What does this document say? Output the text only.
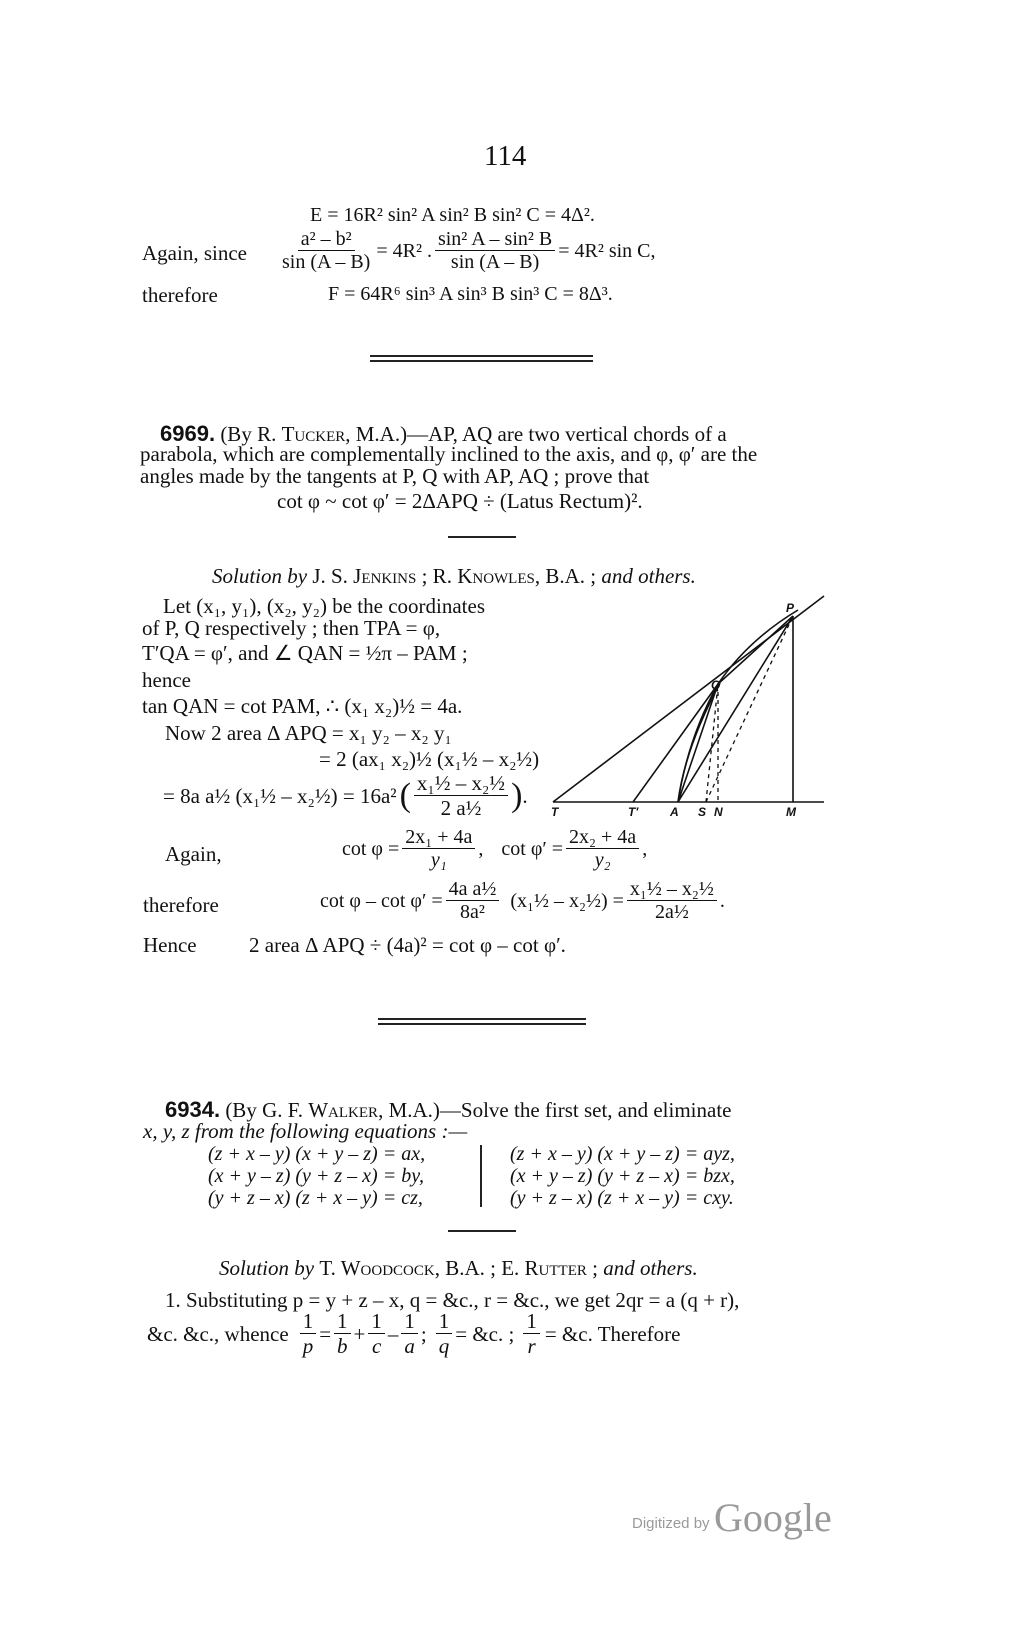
114
E = 16R² sin² A sin² B sin² C = 4Δ².
Again, since $\frac{\text{a² – b²}}{\sin (A - B)} = 4R^2$ . $\frac{\text{sin² A – sin² B}}{\sin (A - B)} = 4R^2$ sin C,
therefore	F = 64R⁶ sin³ A sin³ B sin³ C = 8Δ³.
6969. (By R. Tucker, M.A.)—AP, AQ are two vertical chords of a
parabola, which are complementally inclined to the axis, and φ, φ′ are the
angles made by the tangents at P, Q with AP, AQ ; prove that
cot φ ~ cot φ′ = 2ΔAPQ ÷ (Latus Rectum)².
Solution by J. S. Jenkins ; R. Knowles, B.A. ; and others.
Let (x₁, y₁), (x₂, y₂) be the coordinates
of P, Q respectively ; then TPA = φ,
T′QA = φ′, and ∠ QAN = ½π – PAM ;
hence
tan QAN = cot PAM, ∴ (x₁ x₂)½ = 4a.
Now 2 area Δ APQ = x₁ y₂ – x₂ y₁
= 2 (ax₁ x₂)½ (x₁½ – x₂½)
= 8a a½ (x₁½ – x₂½) = 16a² ( $\frac{\text{x₁½ – x₂½}}{\text{2 a½}}$ ) .
P
Q
T	T′	A S N	M
Again,	$\cot \varphi = \frac{\text{2x₁ + 4a}}{\text{y₁}}$ , $\cot \varphi' = \frac{\text{2x₂ + 4a}}{\text{y₂}}$ ,
therefore	$\cot \varphi - \cot \varphi' = \frac{\text{4a a½}}{\text{8a²}}$ (x₁½ – x₂½) = $\frac{\text{x₁½ – x₂½}}{\text{2a½}}$ .
Hence 2 area Δ APQ ÷ (4a)² = cot φ – cot φ′.
6934. (By G. F. Walker, M.A.)—Solve the first set, and eliminate
x, y, z from the following equations :—
(z + x – y) (x + y – z) = ax,
(x + y – z) (y + z – x) = by,
(y + z – x) (z + x – y) = cz,
(z + x – y) (x + y – z) = ayz,
(x + y – z) (y + z – x) = bzx,
(y + z – x) (z + x – y) = cxy.
Solution by T. Woodcock, B.A. ; E. Rutter ; and others.
1. Substituting p = y + z – x, q = &c., r = &c., we get 2qr = a (q + r),
&c. &c., whence $\frac{1}{p} = \frac{1}{b} + \frac{1}{c} - \frac{1}{a}$ ; $\frac{1}{q}$ = &c. ; $\frac{1}{r}$ = &c. Therefore
Digitized by Google
